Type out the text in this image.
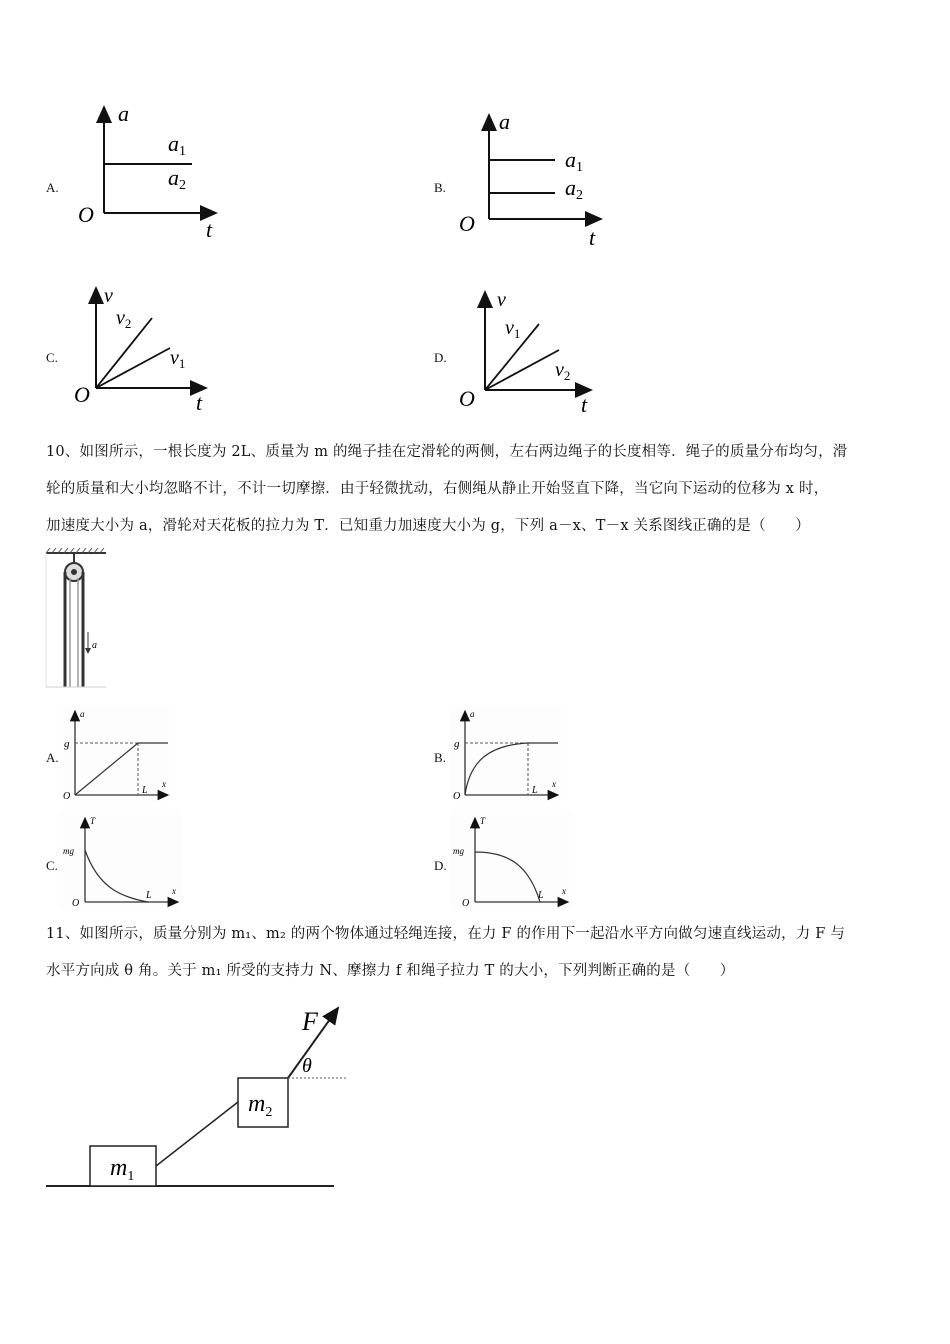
A.
a
O
t
a1
a2	B.
a
O
t
a1
a2
C.
v
O	t
$v_2$
$v_1$	D.
v
O	t
$v_1$
$v_2$
10、如图所示，一根长度为 2L、质量为 m 的绳子挂在定滑轮的两侧，左右两边绳子的长度相等．绳子的质量分布均匀，滑
轮的质量和大小均忽略不计，不计一切摩擦．由于轻微扰动，右侧绳从静止开始竖直下降，当它向下运动的位移为 x 时，
加速度大小为 a，滑轮对天花板的拉力为 T．已知重力加速度大小为 g，下列 a－x、T－x 关系图线正确的是（　　）
a
A.
a
g
O
L
x
B.
a
g
O
L
x
C.
T
mg
O
L x
D.
T
mg
O
L x
11、如图所示，质量分别为 m₁、m₂ 的两个物体通过轻绳连接，在力 F 的作用下一起沿水平方向做匀速直线运动，力 F 与
水平方向成 θ 角。关于 m₁ 所受的支持力 N、摩擦力 f 和绳子拉力 T 的大小，下列判断正确的是（　　）
F
θ
$m_1$
$m_2$
